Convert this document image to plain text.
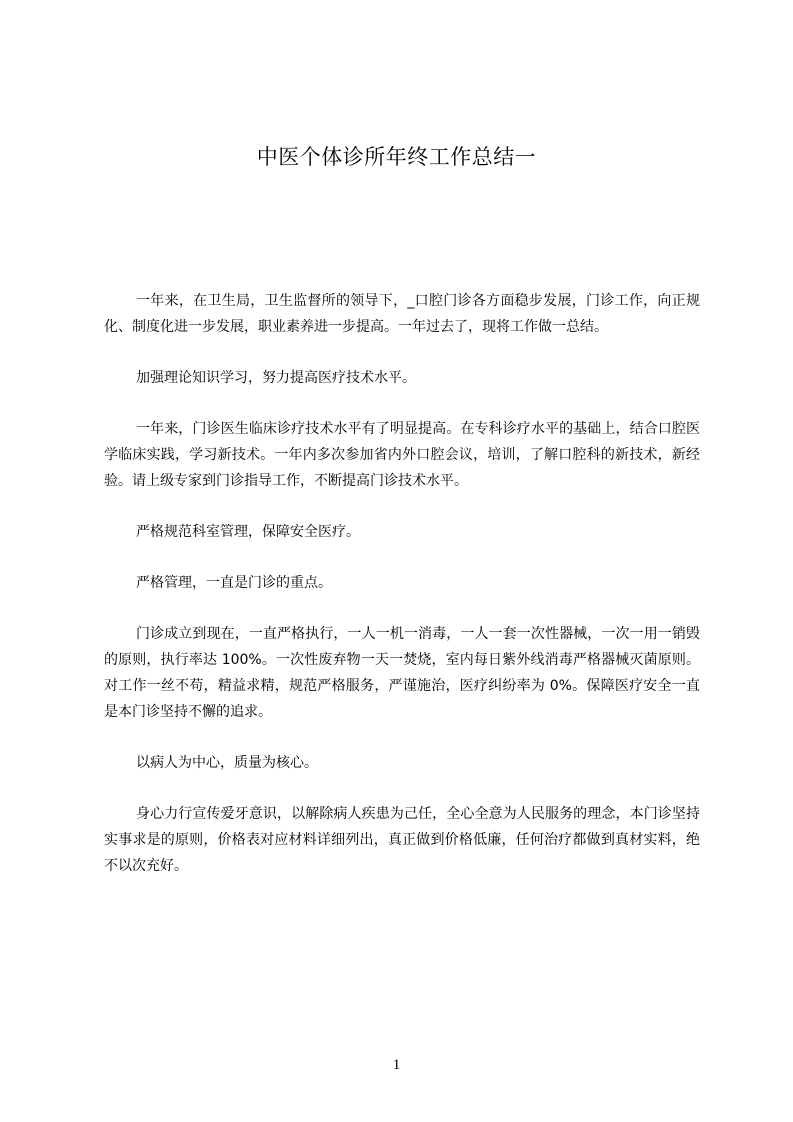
中医个体诊所年终工作总结一

一年来，在卫生局，卫生监督所的领导下，_口腔门诊各方面稳步发展，门诊工作，向正规化、制度化进一步发展，职业素养进一步提高。一年过去了，现将工作做一总结。

加强理论知识学习，努力提高医疗技术水平。

一年来，门诊医生临床诊疗技术水平有了明显提高。在专科诊疗水平的基础上，结合口腔医学临床实践，学习新技术。一年内多次参加省内外口腔会议，培训，了解口腔科的新技术，新经验。请上级专家到门诊指导工作，不断提高门诊技术水平。

严格规范科室管理，保障安全医疗。

严格管理，一直是门诊的重点。

门诊成立到现在，一直严格执行，一人一机一消毒，一人一套一次性器械，一次一用一销毁的原则，执行率达 100%。一次性废弃物一天一焚烧，室内每日紫外线消毒严格器械灭菌原则。对工作一丝不苟，精益求精，规范严格服务，严谨施治，医疗纠纷率为 0%。保障医疗安全一直是本门诊坚持不懈的追求。

以病人为中心，质量为核心。

身心力行宣传爱牙意识，以解除病人疾患为己任，全心全意为人民服务的理念，本门诊坚持实事求是的原则，价格表对应材料详细列出，真正做到价格低廉，任何治疗都做到真材实料，绝不以次充好。

1
